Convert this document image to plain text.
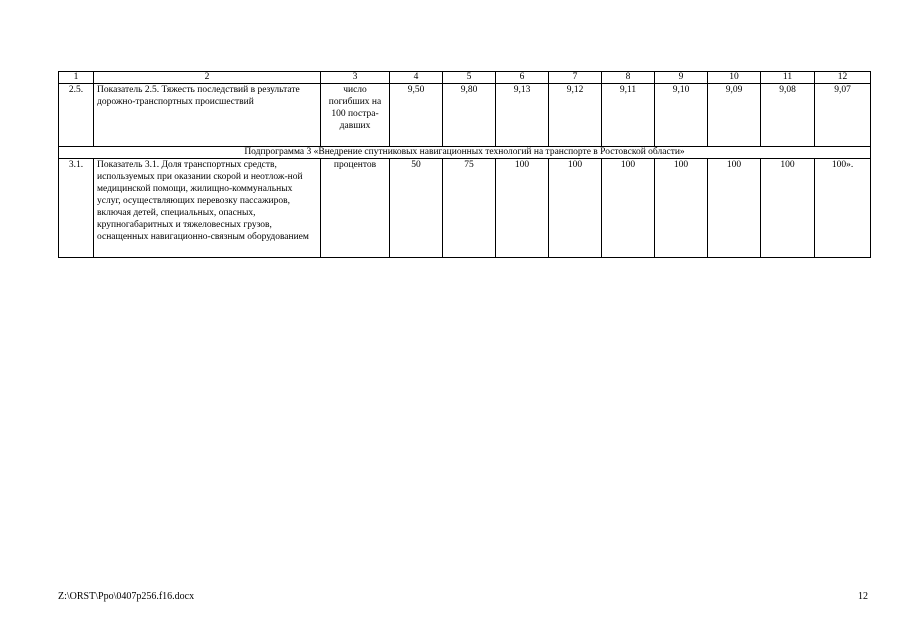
1	2	3	4	5	6	7	8	9	10	11	12
2.5.	Показатель 2.5. Тяжесть последствий в результате дорожно-транспортных происшествий	число погибших на 100 постра-давших	9,50	9,80	9,13	9,12	9,11	9,10	9,09	9,08	9,07
Подпрограмма 3 «Внедрение спутниковых навигационных технологий на транспорте в Ростовской области»											
3.1.	Показатель 3.1. Доля транспортных средств, используемых при оказании скорой и неотлож-ной медицинской помощи, жилищно-коммунальных услуг, осуществляющих перевозку пассажиров, включая детей, специальных, опасных, крупногабаритных и тяжеловесных грузов, оснащенных навигационно-связным оборудованием	процентов	50	75	100	100	100	100	100	100	100».
Z:\ORST\Ppo\0407p256.f16.docx	12
